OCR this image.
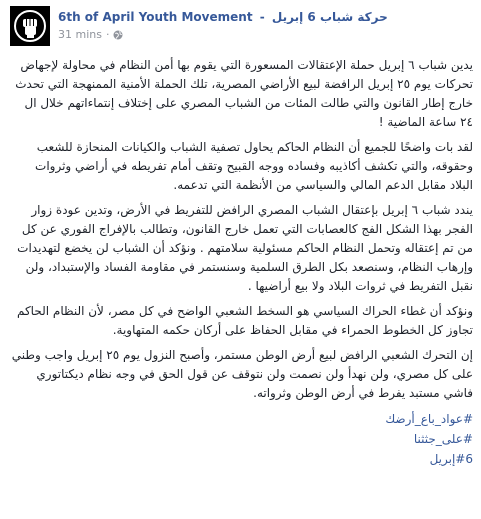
6th of April Youth Movement - حركة شباب 6 إبريل
31 mins ·

يدين شباب ٦ إبريل حملة الإعتقالات المسعورة التي يقوم بها أمن النظام في محاولة لإجهاض تحركات يوم ٢٥ إبريل الرافضة لبيع الأراضي المصرية، تلك الحملة الأمنية الممنهجة التي تحدث خارج إطار القانون والتي طالت المئات من الشباب المصري على إختلاف إنتماءاتهم خلال ال ٢٤ ساعة الماضية !

لقد بات واضحًا للجميع أن النظام الحاكم يحاول تصفية الشباب والكيانات المنحازة للشعب وحقوقه، والتي تكشف أكاذيبه وفساده ووجه القبيح وتقف أمام تفريطه في أراضي وثروات البلاد مقابل الدعم المالي والسياسي من الأنظمة التي تدعمه.

يندد شباب ٦ إبريل بإعتقال الشباب المصري الرافض للتفريط في الأرض، وتدين عودة زوار الفجر بهذا الشكل الفج كالعصابات التي تعمل خارج القانون، وتطالب بالإفراج الفوري عن كل من تم إعتقاله وتحمل النظام الحاكم مسئولية سلامتهم . ونؤكد أن الشباب لن يخضع لتهديدات وإرهاب النظام، وسنصعد بكل الطرق السلمية وسنستمر في مقاومة الفساد والإستبداد، ولن نقبل التفريط في ثروات البلاد ولا بيع أراضيها .

ونؤكد أن غطاء الحراك السياسي هو السخط الشعبي الواضح في كل مصر، لأن النظام الحاكم تجاوز كل الخطوط الحمراء في مقابل الحفاظ على أركان حكمه المتهاوية.

إن التحرك الشعبي الرافض لبيع أرض الوطن مستمر، وأصبح النزول يوم ٢٥ إبريل واجب وطني على كل مصري، ولن نهدأ ولن نصمت ولن نتوقف عن قول الحق في وجه نظام ديكتاتوري فاشي مستبد يفرط في أرض الوطن وثرواته.

#عواد_باع_أرضك
#على_جثثنا
#6إبريل
